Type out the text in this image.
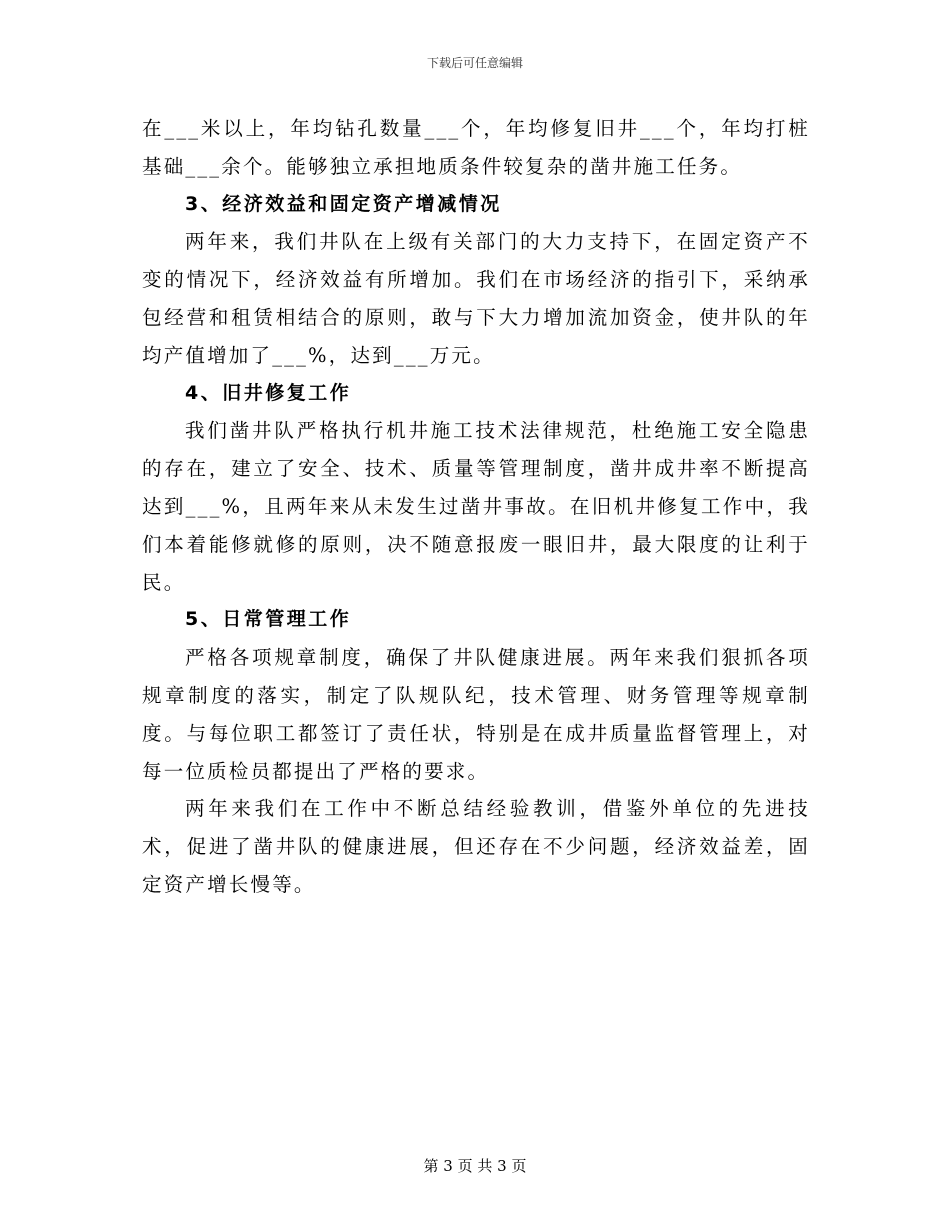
下载后可任意编辑

在___米以上，年均钻孔数量___个，年均修复旧井___个，年均打桩基础___余个。能够独立承担地质条件较复杂的凿井施工任务。

3、经济效益和固定资产增减情况

两年来，我们井队在上级有关部门的大力支持下，在固定资产不变的情况下，经济效益有所增加。我们在市场经济的指引下，采纳承包经营和租赁相结合的原则，敢与下大力增加流加资金，使井队的年均产值增加了___%，达到___万元。

4、旧井修复工作

我们凿井队严格执行机井施工技术法律规范，杜绝施工安全隐患的存在，建立了安全、技术、质量等管理制度，凿井成井率不断提高达到___%，且两年来从未发生过凿井事故。在旧机井修复工作中，我们本着能修就修的原则，决不随意报废一眼旧井，最大限度的让利于民。

5、日常管理工作

严格各项规章制度，确保了井队健康进展。两年来我们狠抓各项规章制度的落实，制定了队规队纪，技术管理、财务管理等规章制度。与每位职工都签订了责任状，特别是在成井质量监督管理上，对每一位质检员都提出了严格的要求。

两年来我们在工作中不断总结经验教训，借鉴外单位的先进技术，促进了凿井队的健康进展，但还存在不少问题，经济效益差，固定资产增长慢等。

第 3 页 共 3 页
